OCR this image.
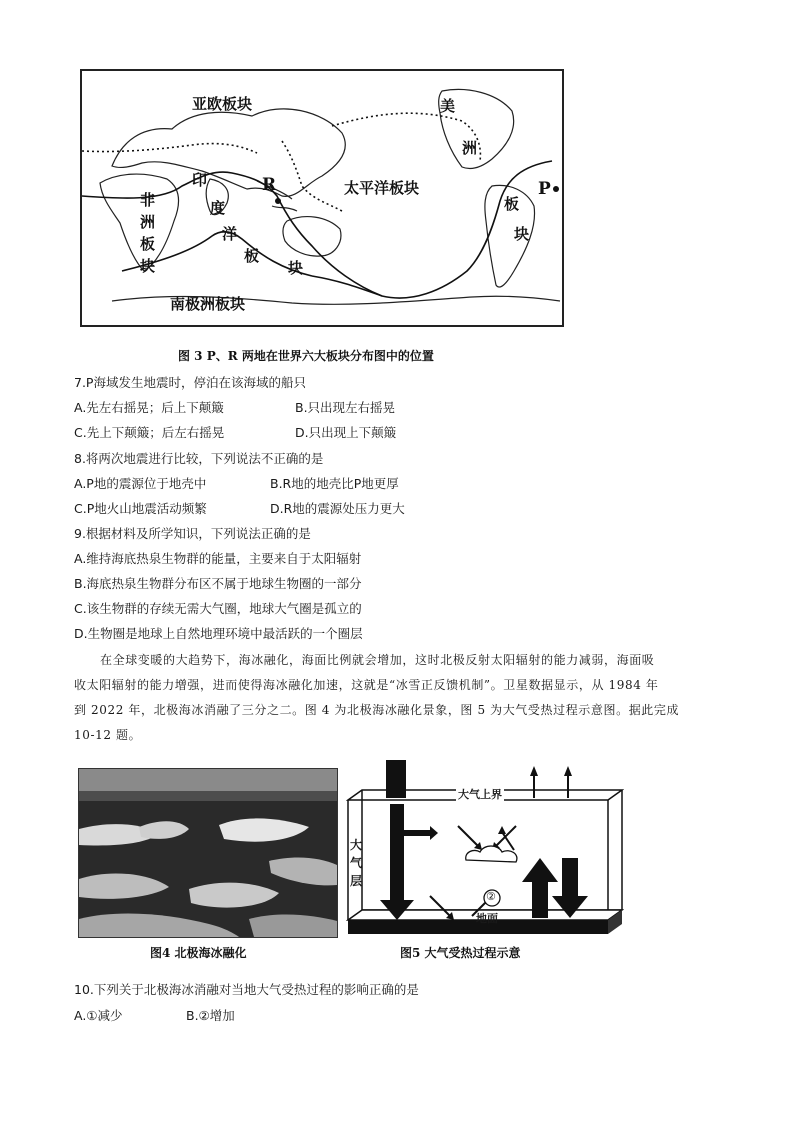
亚欧板块
太平洋板块
南极洲板块
美
洲
板
块
非
洲
板
块
印
度
洋
板
块
R	P
图 3 P、R 两地在世界六大板块分布图中的位置
7.P海域发生地震时，停泊在该海域的船只
A.先左右摇晃；后上下颠簸	B.只出现左右摇晃
C.先上下颠簸；后左右摇晃	D.只出现上下颠簸
8.将两次地震进行比较，下列说法不正确的是
A.P地的震源位于地壳中	B.R地的地壳比P地更厚
C.P地火山地震活动频繁	D.R地的震源处压力更大
9.根据材料及所学知识，下列说法正确的是
A.维持海底热泉生物群的能量，主要来自于太阳辐射
B.海底热泉生物群分布区不属于地球生物圈的一部分
C.该生物群的存续无需大气圈，地球大气圈是孤立的
D.生物圈是地球上自然地理环境中最活跃的一个圈层
在全球变暖的大趋势下，海冰融化，海面比例就会增加，这时北极反射太阳辐射的能力减弱，海面吸
收太阳辐射的能力增强，进而使得海冰融化加速，这就是“冰雪正反馈机制”。卫星数据显示，从 1984 年
到 2022 年，北极海冰消融了三分之二。图 4 为北极海冰融化景象，图 5 为大气受热过程示意图。据此完成
10-12 题。
图4 北极海冰融化
大气上界
大
气
层
地面
②
图5 大气受热过程示意
10.下列关于北极海冰消融对当地大气受热过程的影响正确的是
A.①减少	B.②增加
